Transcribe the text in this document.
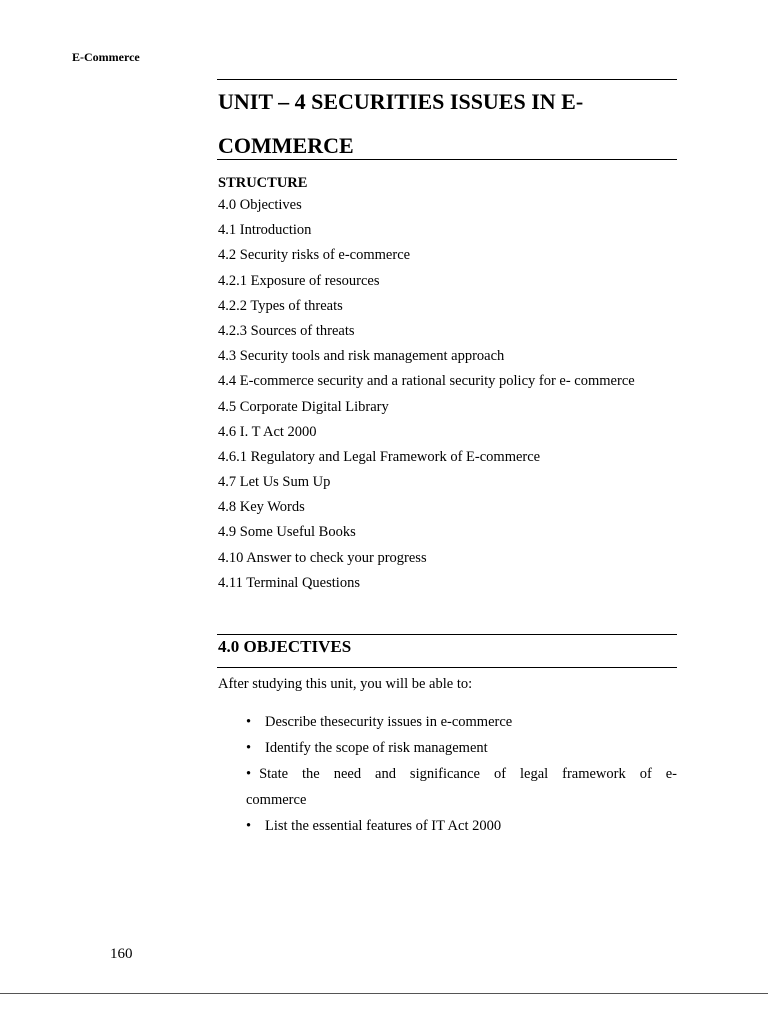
E-Commerce
UNIT – 4 SECURITIES ISSUES IN E-
COMMERCE
STRUCTURE
4.0 Objectives
4.1 Introduction
4.2 Security risks of e-commerce
4.2.1 Exposure of resources
4.2.2 Types of threats
4.2.3 Sources of threats
4.3 Security tools and risk management approach
4.4 E-commerce security and a rational security policy for e- commerce
4.5 Corporate Digital Library
4.6 I. T Act 2000
4.6.1 Regulatory and Legal Framework of E-commerce
4.7 Let Us Sum Up
4.8 Key Words
4.9 Some Useful Books
4.10 Answer to check your progress
4.11 Terminal Questions
4.0 OBJECTIVES
After studying this unit, you will be able to:
• Describe thesecurity issues in e-commerce
• Identify the scope of risk management
• State the need and significance of legal framework of e-
commerce
• List the essential features of IT Act 2000
160
